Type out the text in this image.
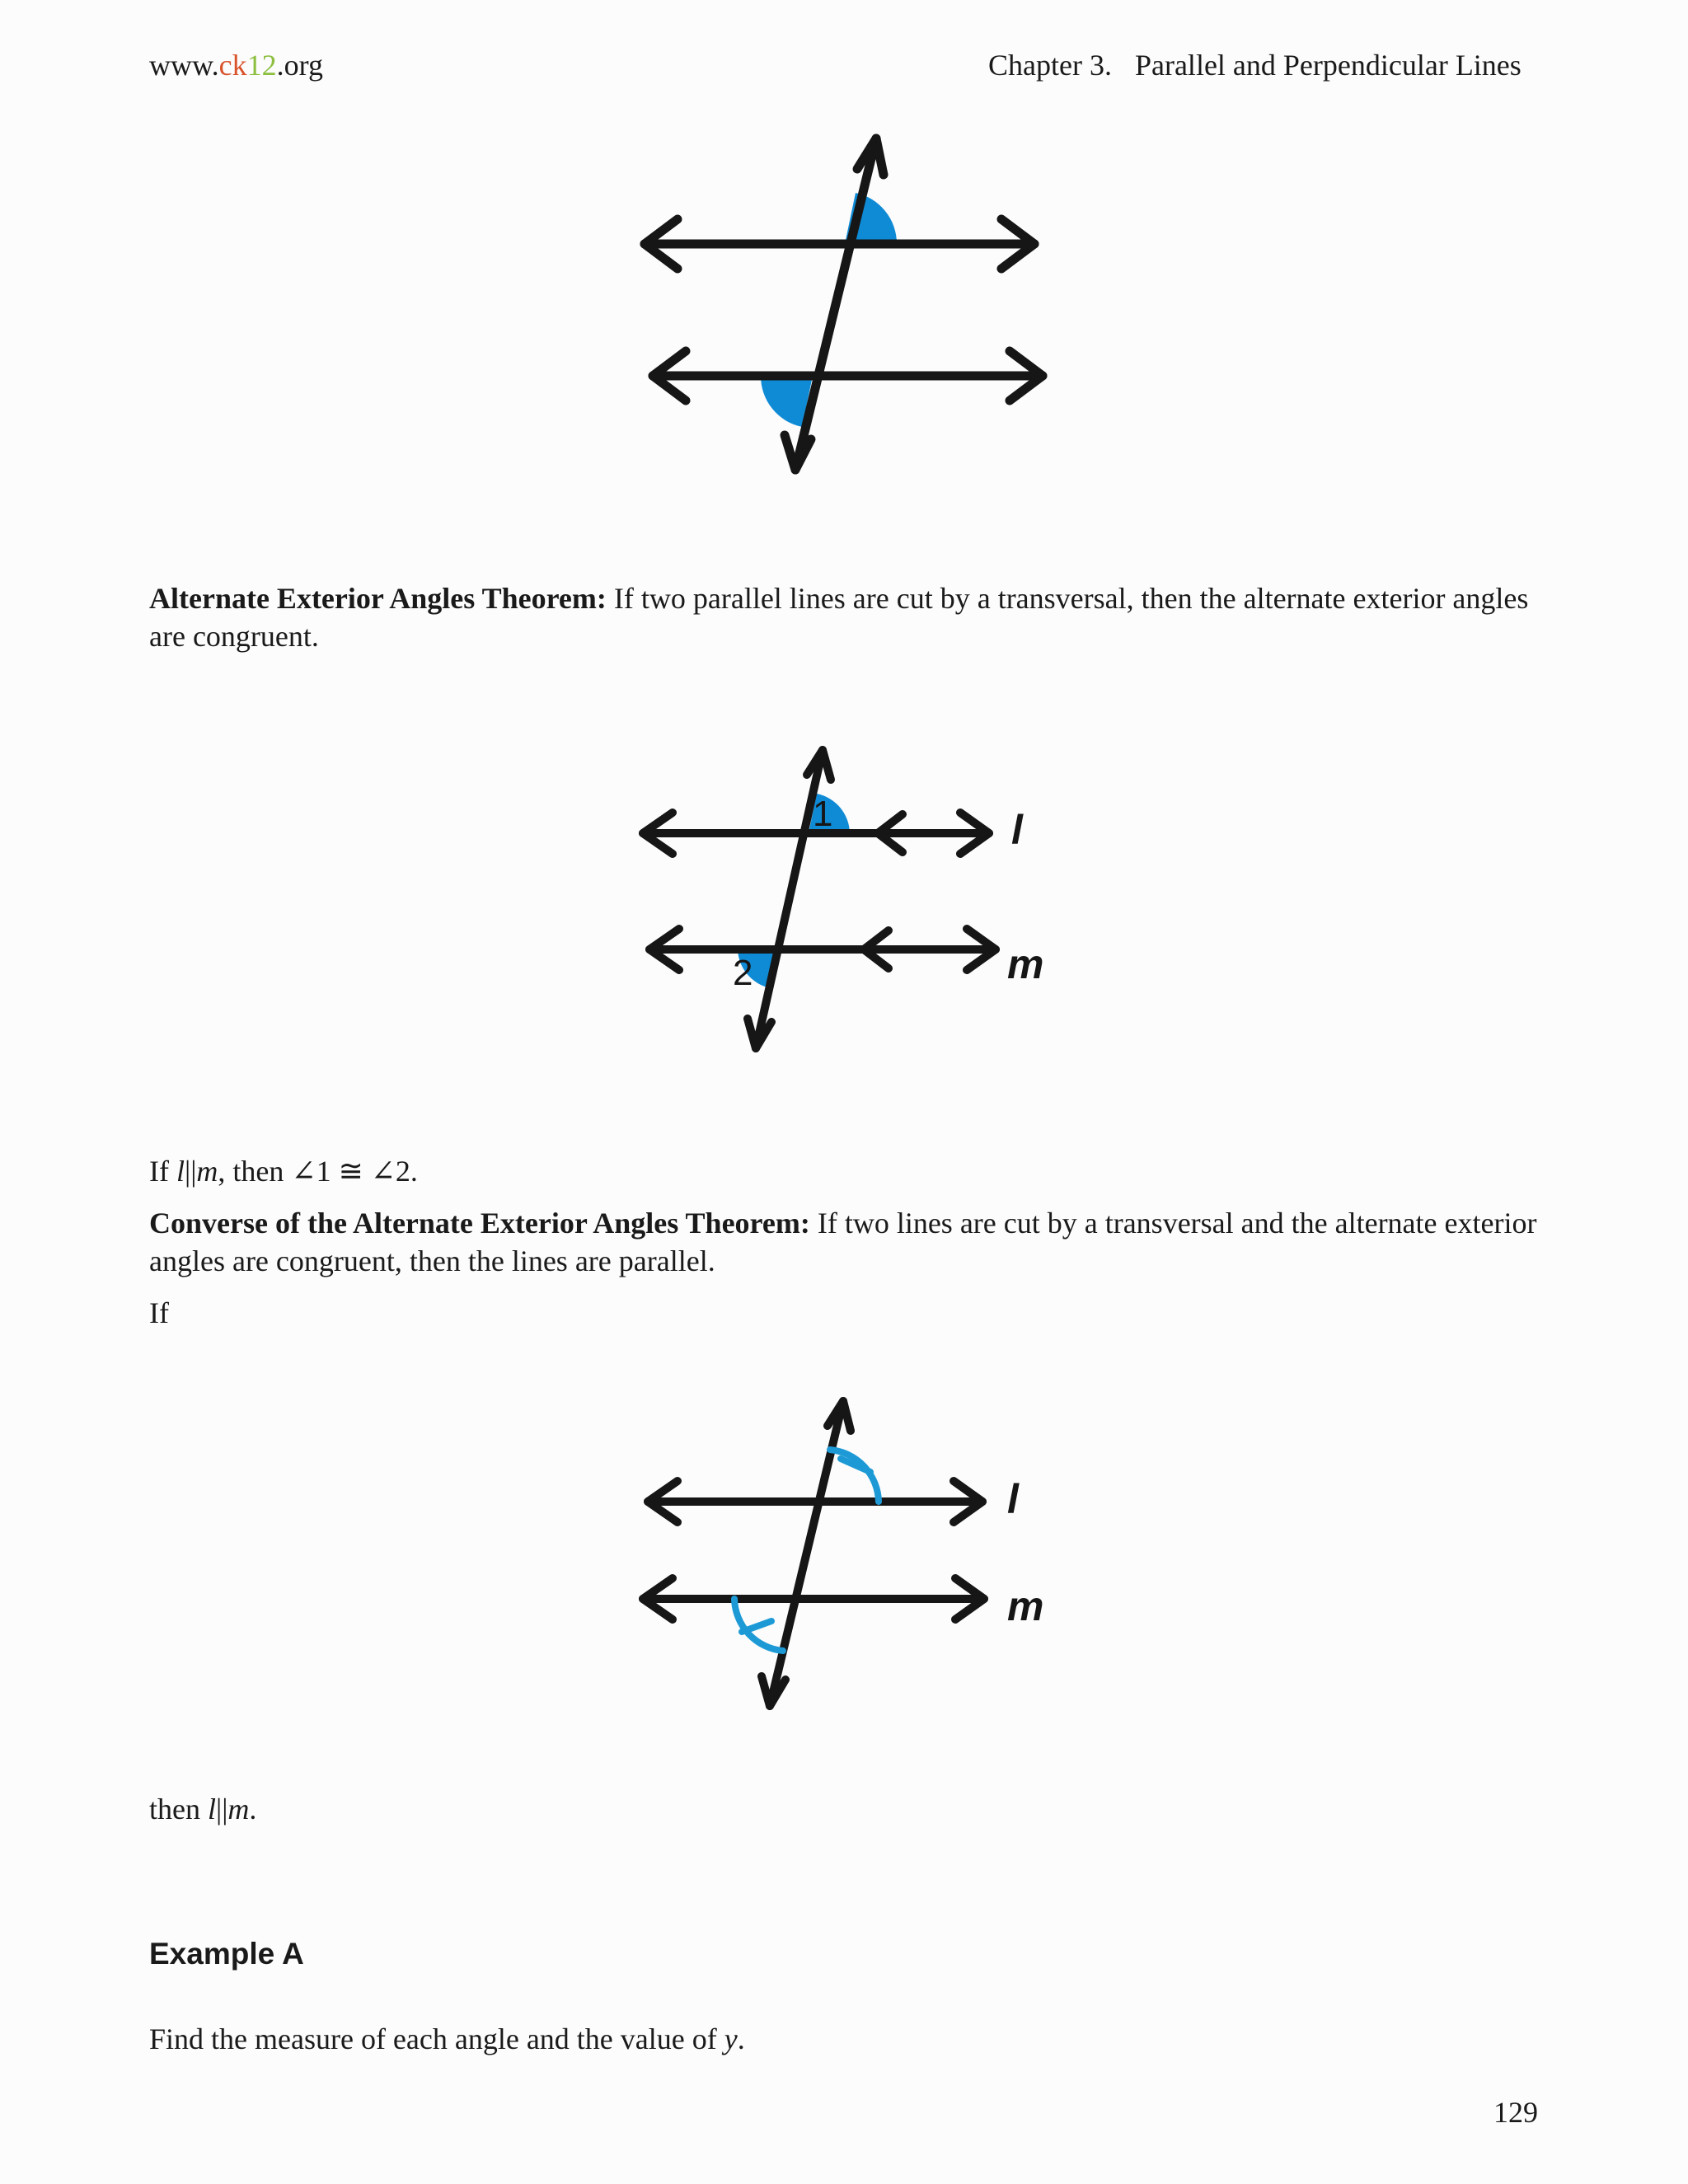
www.ck12.org	Chapter 3. Parallel and Perpendicular Lines
Alternate Exterior Angles Theorem: If two parallel lines are cut by a transversal, then the alternate exterior angles are congruent.
1
2
l
m
If l||m, then ∠1 ≅ ∠2.
Converse of the Alternate Exterior Angles Theorem: If two lines are cut by a transversal and the alternate exterior angles are congruent, then the lines are parallel.
If
l
m
then l||m.
Example A
Find the measure of each angle and the value of y.
129
